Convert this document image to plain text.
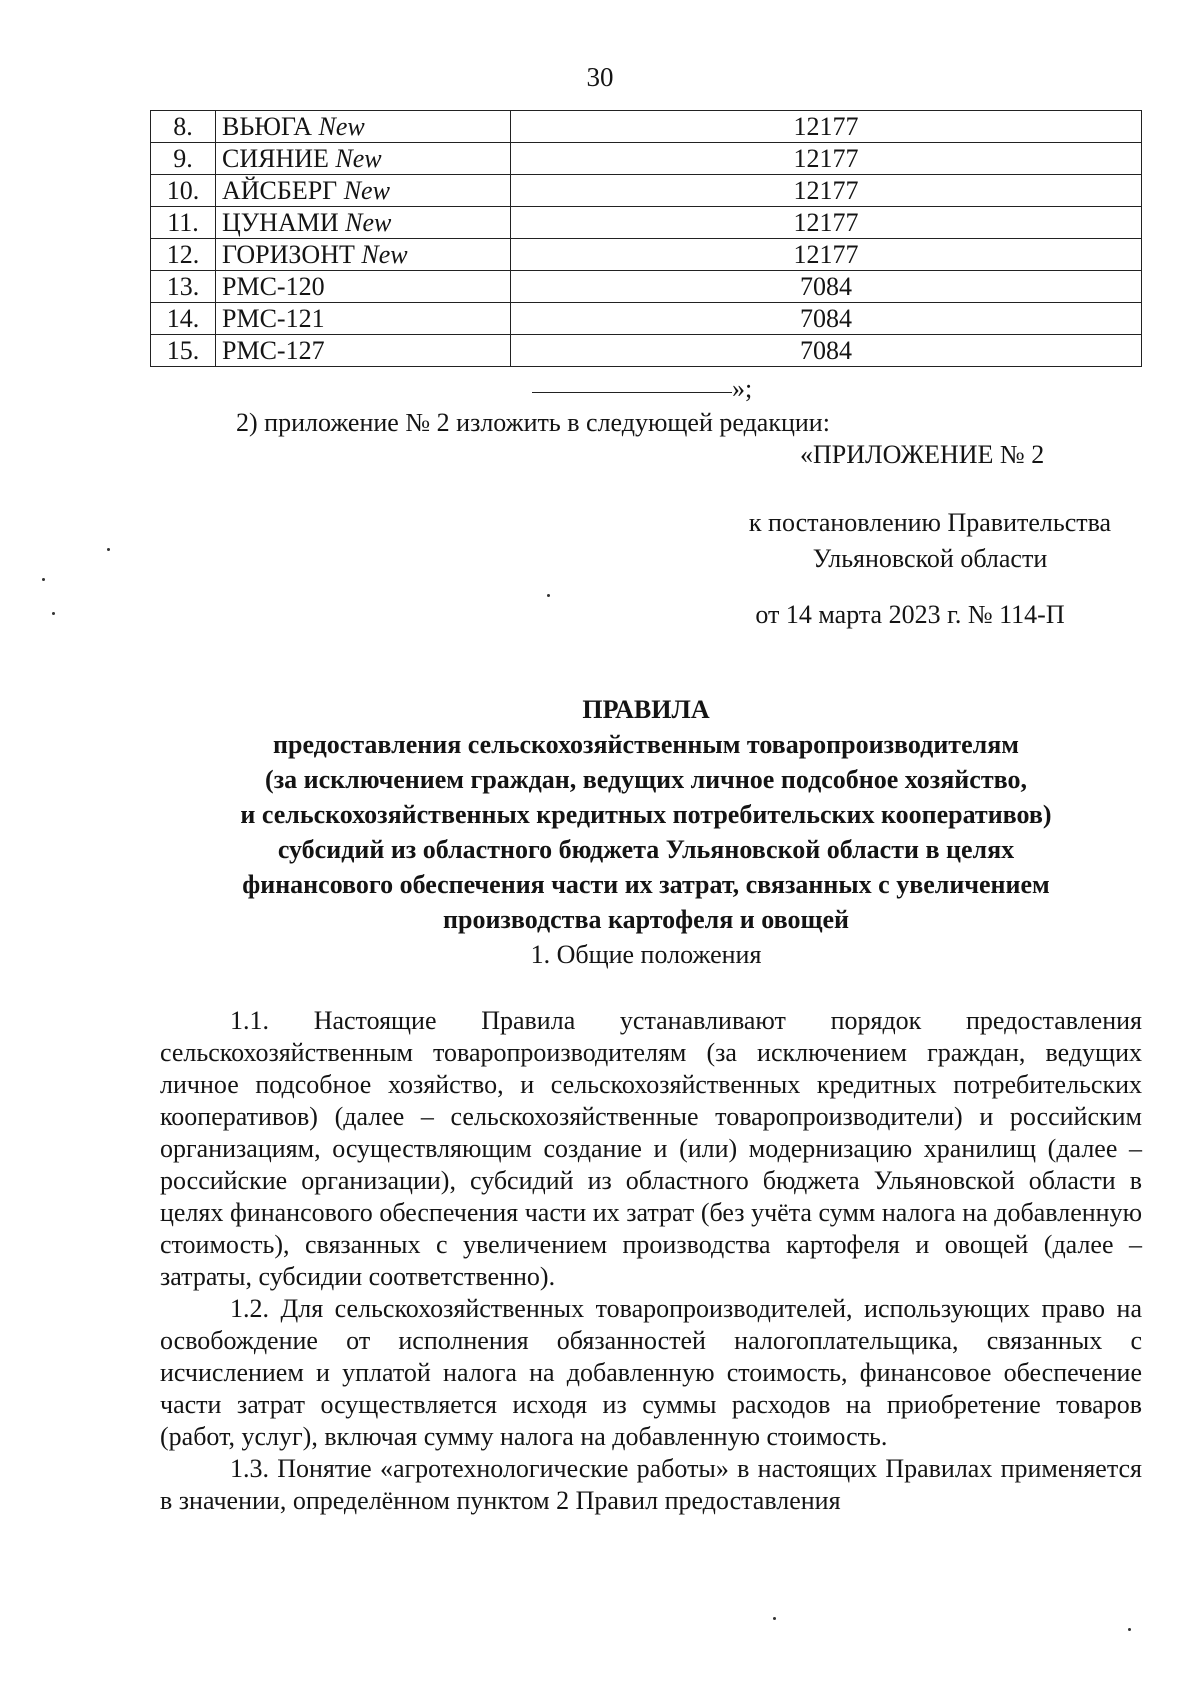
30
8.	ВЬЮГА New	12177
9.	СИЯНИЕ New	12177
10.	АЙСБЕРГ New	12177
11.	ЦУНАМИ New	12177
12.	ГОРИЗОНТ New	12177
13.	РМС-120	7084
14.	РМС-121	7084
15.	РМС-127	7084
»;
2) приложение № 2 изложить в следующей редакции:
«ПРИЛОЖЕНИЕ № 2
к постановлению Правительства
Ульяновской области
от 14 марта 2023 г. № 114-П
ПРАВИЛА
предоставления сельскохозяйственным товаропроизводителям
(за исключением граждан, ведущих личное подсобное хозяйство,
и сельскохозяйственных кредитных потребительских кооперативов)
субсидий из областного бюджета Ульяновской области в целях
финансового обеспечения части их затрат, связанных с увеличением
производства картофеля и овощей
1. Общие положения

1.1. Настоящие Правила устанавливают порядок предоставления сельскохозяйственным товаропроизводителям (за исключением граждан, ведущих личное подсобное хозяйство, и сельскохозяйственных кредитных потребительских кооперативов) (далее – сельскохозяйственные товаропроизводители) и российским организациям, осуществляющим создание и (или) модернизацию хранилищ (далее – российские организации), субсидий из областного бюджета Ульяновской области в целях финансового обеспечения части их затрат (без учёта сумм налога на добавленную стоимость), связанных с увеличением производства картофеля и овощей (далее – затраты, субсидии соответственно).

1.2. Для сельскохозяйственных товаропроизводителей, использующих право на освобождение от исполнения обязанностей налогоплательщика, связанных с исчислением и уплатой налога на добавленную стоимость, финансовое обеспечение части затрат осуществляется исходя из суммы расходов на приобретение товаров (работ, услуг), включая сумму налога на добавленную стоимость.

1.3. Понятие «агротехнологические работы» в настоящих Правилах применяется в значении, определённом пунктом 2 Правил предоставления
